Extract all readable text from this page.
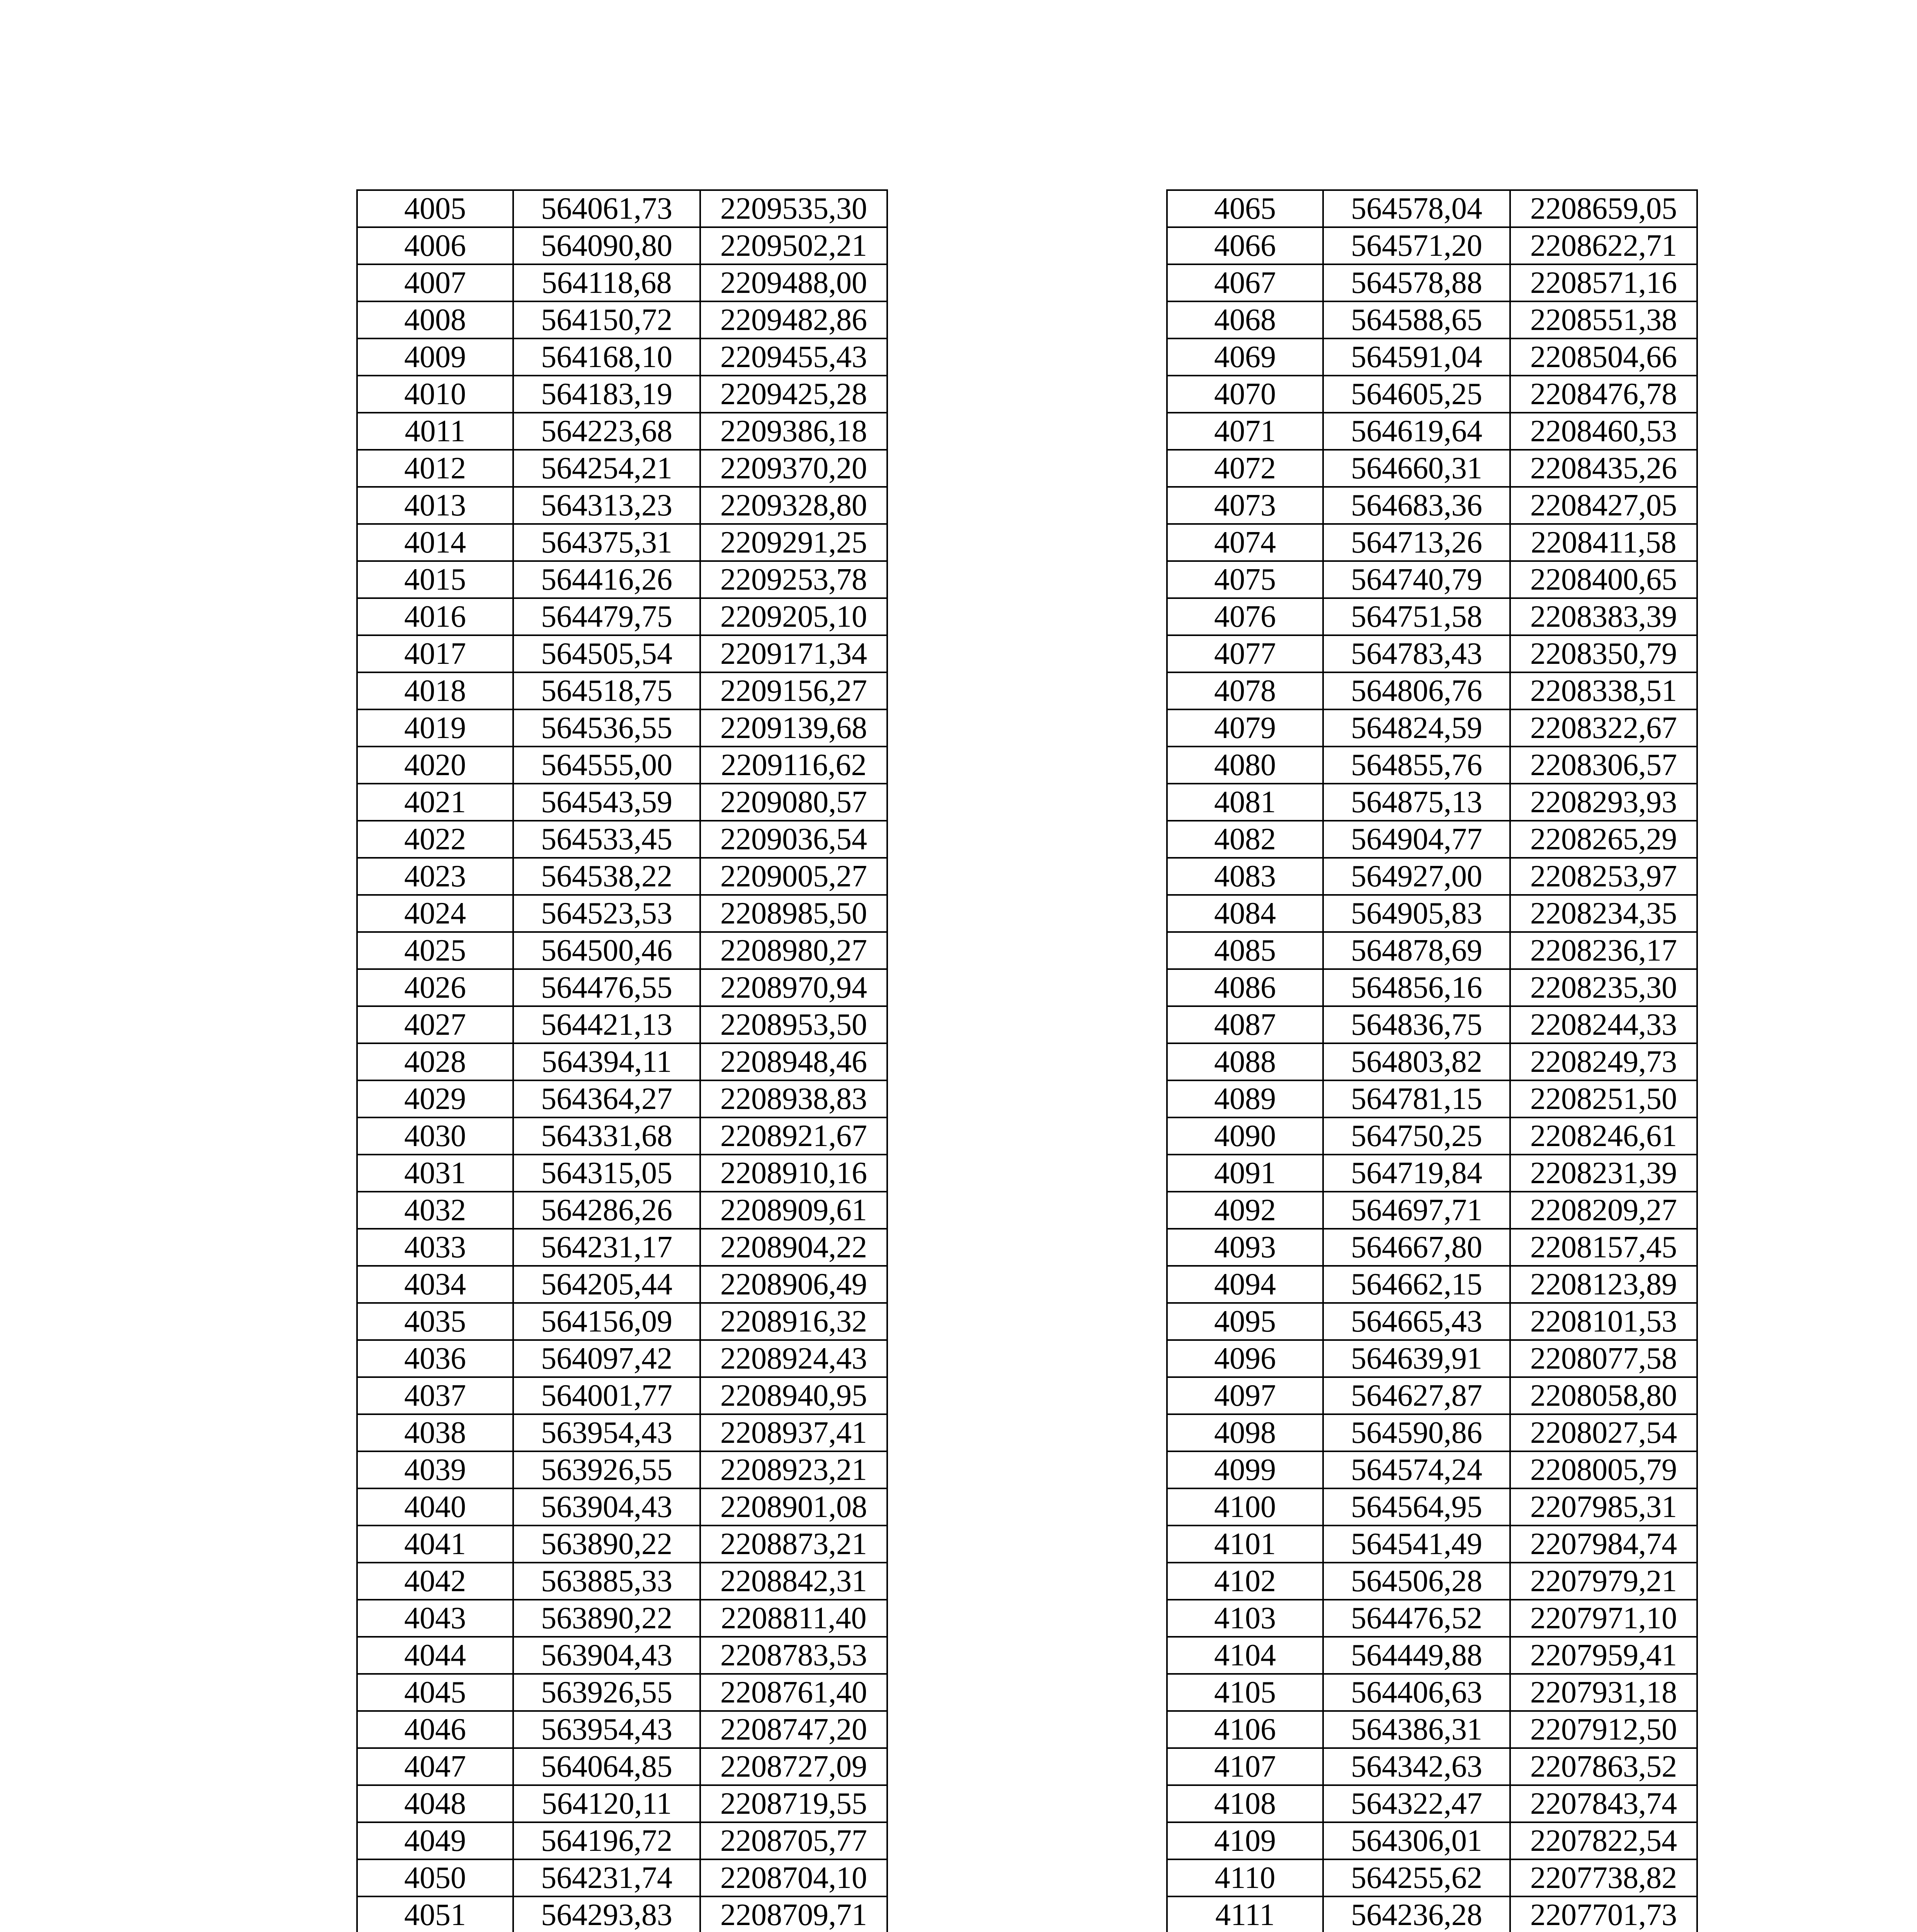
4005	564061,73	2209535,30
4006	564090,80	2209502,21
4007	564118,68	2209488,00
4008	564150,72	2209482,86
4009	564168,10	2209455,43
4010	564183,19	2209425,28
4011	564223,68	2209386,18
4012	564254,21	2209370,20
4013	564313,23	2209328,80
4014	564375,31	2209291,25
4015	564416,26	2209253,78
4016	564479,75	2209205,10
4017	564505,54	2209171,34
4018	564518,75	2209156,27
4019	564536,55	2209139,68
4020	564555,00	2209116,62
4021	564543,59	2209080,57
4022	564533,45	2209036,54
4023	564538,22	2209005,27
4024	564523,53	2208985,50
4025	564500,46	2208980,27
4026	564476,55	2208970,94
4027	564421,13	2208953,50
4028	564394,11	2208948,46
4029	564364,27	2208938,83
4030	564331,68	2208921,67
4031	564315,05	2208910,16
4032	564286,26	2208909,61
4033	564231,17	2208904,22
4034	564205,44	2208906,49
4035	564156,09	2208916,32
4036	564097,42	2208924,43
4037	564001,77	2208940,95
4038	563954,43	2208937,41
4039	563926,55	2208923,21
4040	563904,43	2208901,08
4041	563890,22	2208873,21
4042	563885,33	2208842,31
4043	563890,22	2208811,40
4044	563904,43	2208783,53
4045	563926,55	2208761,40
4046	563954,43	2208747,20
4047	564064,85	2208727,09
4048	564120,11	2208719,55
4049	564196,72	2208705,77
4050	564231,74	2208704,10
4051	564293,83	2208709,71

4065	564578,04	2208659,05
4066	564571,20	2208622,71
4067	564578,88	2208571,16
4068	564588,65	2208551,38
4069	564591,04	2208504,66
4070	564605,25	2208476,78
4071	564619,64	2208460,53
4072	564660,31	2208435,26
4073	564683,36	2208427,05
4074	564713,26	2208411,58
4075	564740,79	2208400,65
4076	564751,58	2208383,39
4077	564783,43	2208350,79
4078	564806,76	2208338,51
4079	564824,59	2208322,67
4080	564855,76	2208306,57
4081	564875,13	2208293,93
4082	564904,77	2208265,29
4083	564927,00	2208253,97
4084	564905,83	2208234,35
4085	564878,69	2208236,17
4086	564856,16	2208235,30
4087	564836,75	2208244,33
4088	564803,82	2208249,73
4089	564781,15	2208251,50
4090	564750,25	2208246,61
4091	564719,84	2208231,39
4092	564697,71	2208209,27
4093	564667,80	2208157,45
4094	564662,15	2208123,89
4095	564665,43	2208101,53
4096	564639,91	2208077,58
4097	564627,87	2208058,80
4098	564590,86	2208027,54
4099	564574,24	2208005,79
4100	564564,95	2207985,31
4101	564541,49	2207984,74
4102	564506,28	2207979,21
4103	564476,52	2207971,10
4104	564449,88	2207959,41
4105	564406,63	2207931,18
4106	564386,31	2207912,50
4107	564342,63	2207863,52
4108	564322,47	2207843,74
4109	564306,01	2207822,54
4110	564255,62	2207738,82
4111	564236,28	2207701,73
